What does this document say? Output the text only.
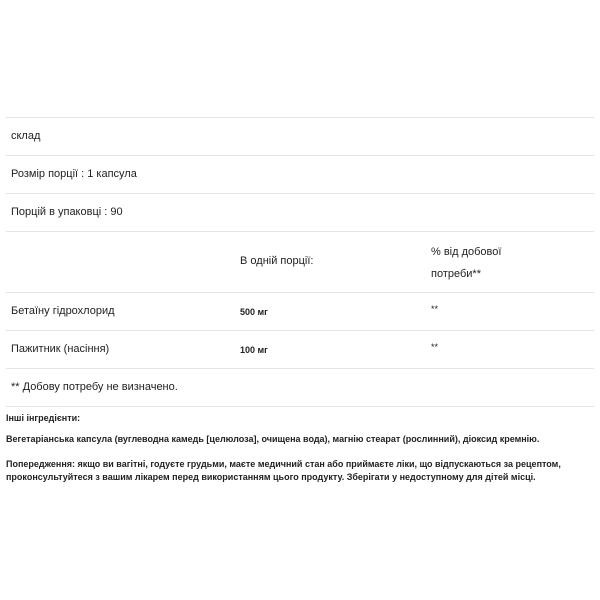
склад
Розмір порції : 1 капсула
Порцій в упаковці : 90
В одній порції:
% від добової потреби**
Бетаїну гідрохлорид	500 мг	**
Пажитник (насіння)	100 мг	**
** Добову потребу не визначено.

Інші інгредієнти:

Вегетаріанська капсула (вуглеводна камедь [целюлоза], очищена вода), магнію стеарат (рослинний), діоксид кремнію.

Попередження: якщо ви вагітні, годуєте грудьми, маєте медичний стан або приймаєте ліки, що відпускаються за рецептом, проконсультуйтеся з вашим лікарем перед використанням цього продукту. Зберігати у недоступному для дітей місці.
